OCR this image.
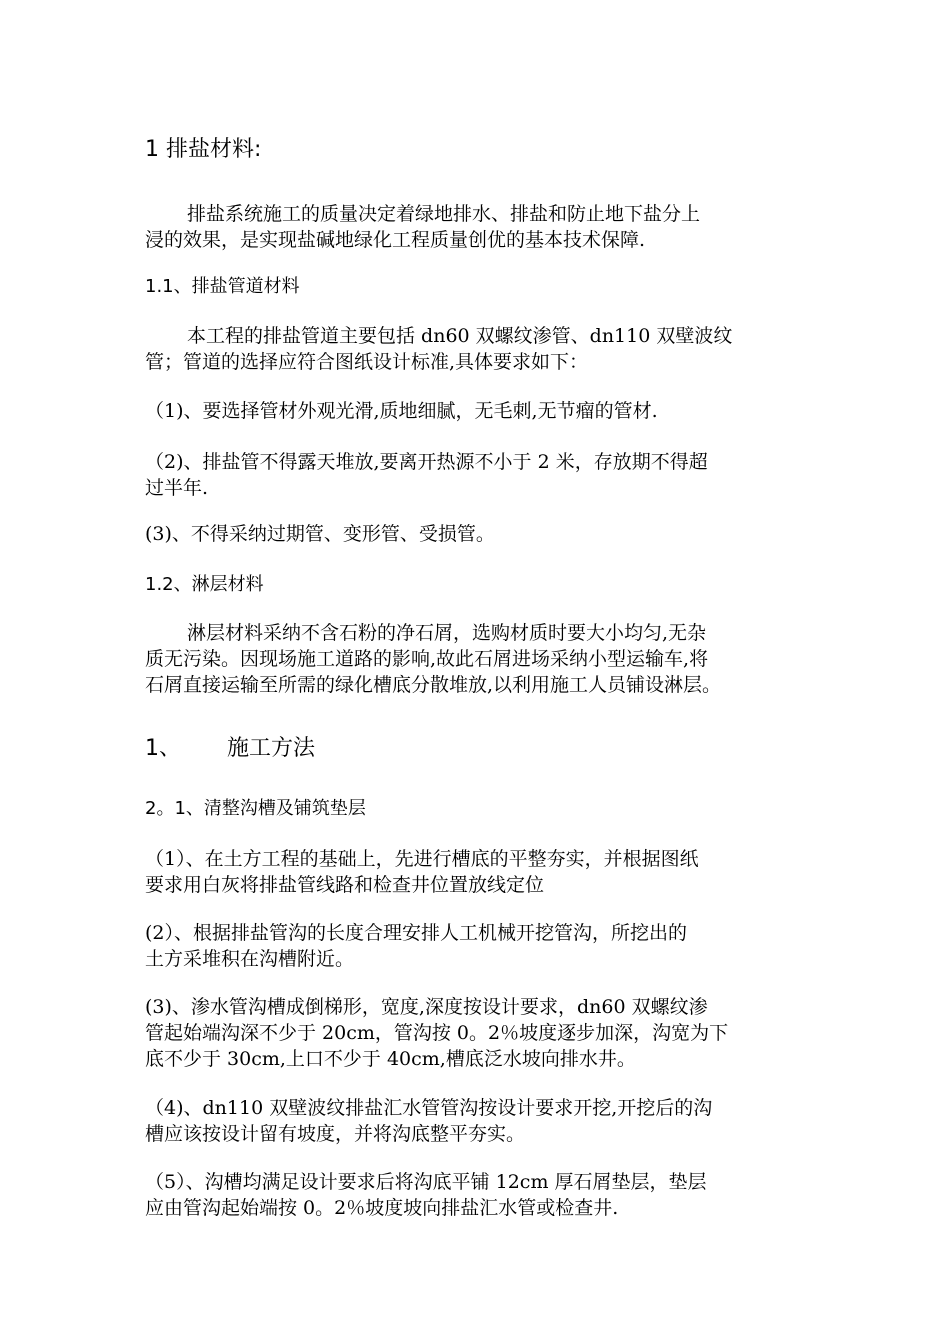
1 排盐材料:
排盐系统施工的质量决定着绿地排水、排盐和防止地下盐分上
浸的效果，是实现盐碱地绿化工程质量创优的基本技术保障.
1.1、排盐管道材料
本工程的排盐管道主要包括 dn60 双螺纹渗管、dn110 双壁波纹
管；管道的选择应符合图纸设计标准,具体要求如下：
（1)、要选择管材外观光滑,质地细腻，无毛刺,无节瘤的管材.
（2)、排盐管不得露天堆放,要离开热源不小于 2 米，存放期不得超
过半年.
(3)、不得采纳过期管、变形管、受损管。
1.2、淋层材料
淋层材料采纳不含石粉的净石屑，选购材质时要大小均匀,无杂
质无污染。因现场施工道路的影响,故此石屑进场采纳小型运输车,将
石屑直接运输至所需的绿化槽底分散堆放,以利用施工人员铺设淋层。
1、 施工方法
2。1、清整沟槽及铺筑垫层
（1）、在土方工程的基础上，先进行槽底的平整夯实，并根据图纸
要求用白灰将排盐管线路和检查井位置放线定位
(2）、根据排盐管沟的长度合理安排人工机械开挖管沟，所挖出的
土方采堆积在沟槽附近。
(3)、渗水管沟槽成倒梯形，宽度,深度按设计要求，dn60 双螺纹渗
管起始端沟深不少于 20cm，管沟按 0。2％坡度逐步加深，沟宽为下
底不少于 30cm,上口不少于 40cm,槽底泛水坡向排水井。
（4)、dn110 双壁波纹排盐汇水管管沟按设计要求开挖,开挖后的沟
槽应该按设计留有坡度，并将沟底整平夯实。
（5）、沟槽均满足设计要求后将沟底平铺 12cm 厚石屑垫层，垫层
应由管沟起始端按 0。2％坡度坡向排盐汇水管或检查井.
